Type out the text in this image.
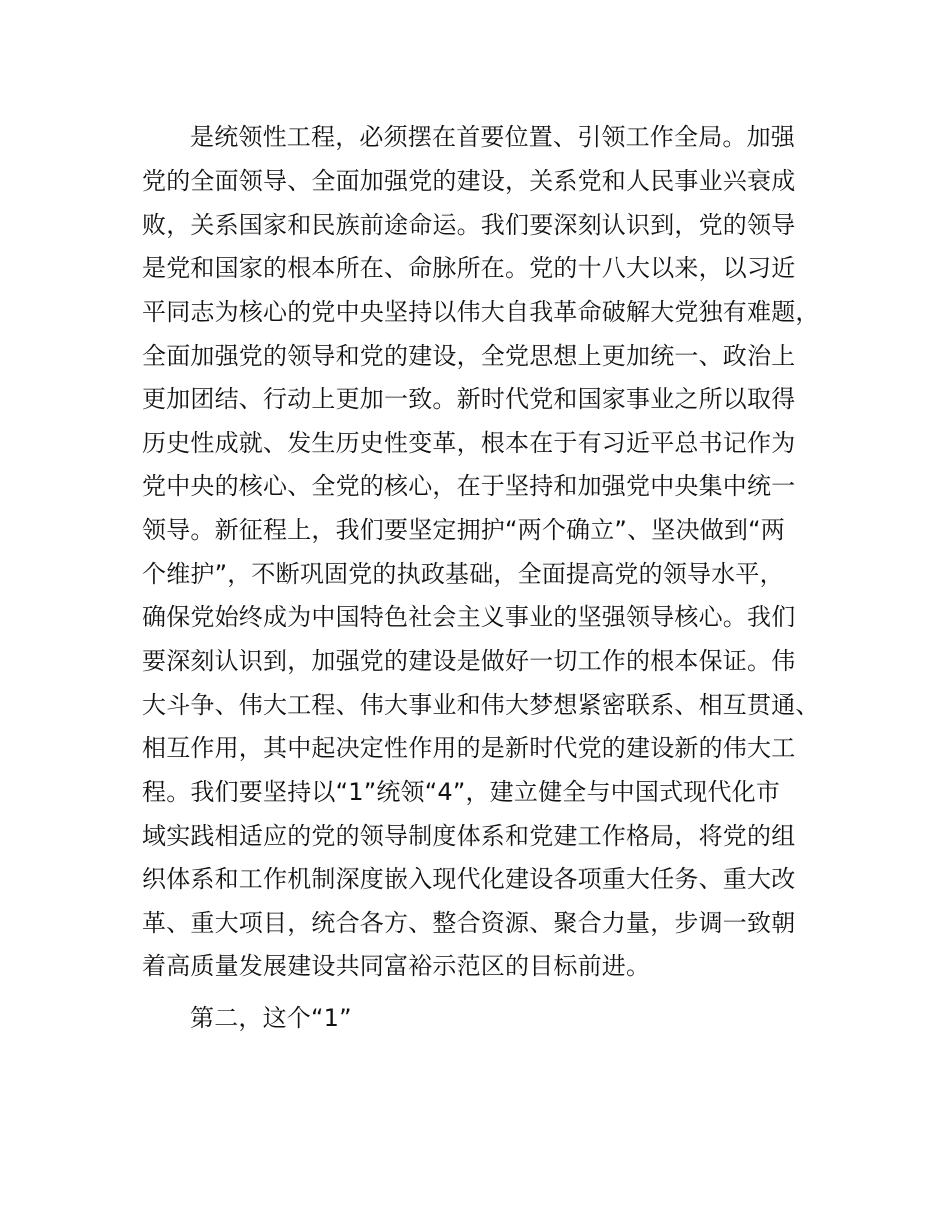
是统领性工程，必须摆在首要位置、引领工作全局。加强
党的全面领导、全面加强党的建设，关系党和人民事业兴衰成
败，关系国家和民族前途命运。我们要深刻认识到，党的领导
是党和国家的根本所在、命脉所在。党的十八大以来，以习近
平同志为核心的党中央坚持以伟大自我革命破解大党独有难题，
全面加强党的领导和党的建设，全党思想上更加统一、政治上
更加团结、行动上更加一致。新时代党和国家事业之所以取得
历史性成就、发生历史性变革，根本在于有习近平总书记作为
党中央的核心、全党的核心，在于坚持和加强党中央集中统一
领导。新征程上，我们要坚定拥护“两个确立”、坚决做到“两
个维护”，不断巩固党的执政基础，全面提高党的领导水平，
确保党始终成为中国特色社会主义事业的坚强领导核心。我们
要深刻认识到，加强党的建设是做好一切工作的根本保证。伟
大斗争、伟大工程、伟大事业和伟大梦想紧密联系、相互贯通、
相互作用，其中起决定性作用的是新时代党的建设新的伟大工
程。我们要坚持以“1”统领“4”，建立健全与中国式现代化市
域实践相适应的党的领导制度体系和党建工作格局，将党的组
织体系和工作机制深度嵌入现代化建设各项重大任务、重大改
革、重大项目，统合各方、整合资源、聚合力量，步调一致朝
着高质量发展建设共同富裕示范区的目标前进。
第二，这个“1”
